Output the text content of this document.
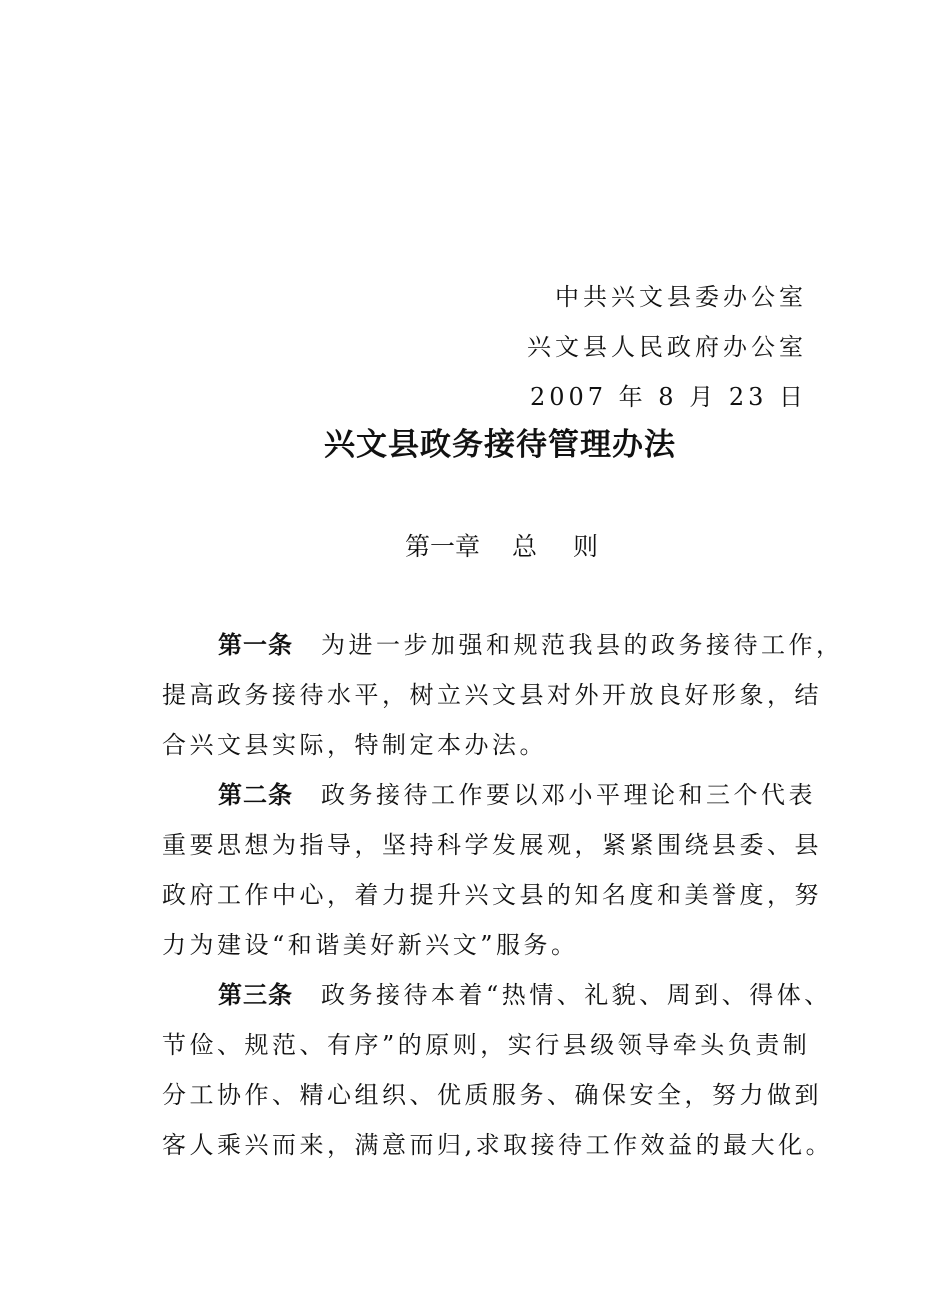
中共兴文县委办公室
兴文县人民政府办公室
2007 年 8 月 23 日
兴文县政务接待管理办法
第一章 总 则
第一条 为进一步加强和规范我县的政务接待工作，
提高政务接待水平，树立兴文县对外开放良好形象，结
合兴文县实际，特制定本办法。
第二条 政务接待工作要以邓小平理论和三个代表
重要思想为指导，坚持科学发展观，紧紧围绕县委、县
政府工作中心，着力提升兴文县的知名度和美誉度，努
力为建设“和谐美好新兴文”服务。
第三条 政务接待本着“热情、礼貌、周到、得体、
节俭、规范、有序”的原则，实行县级领导牵头负责制
分工协作、精心组织、优质服务、确保安全，努力做到
客人乘兴而来，满意而归,求取接待工作效益的最大化。
